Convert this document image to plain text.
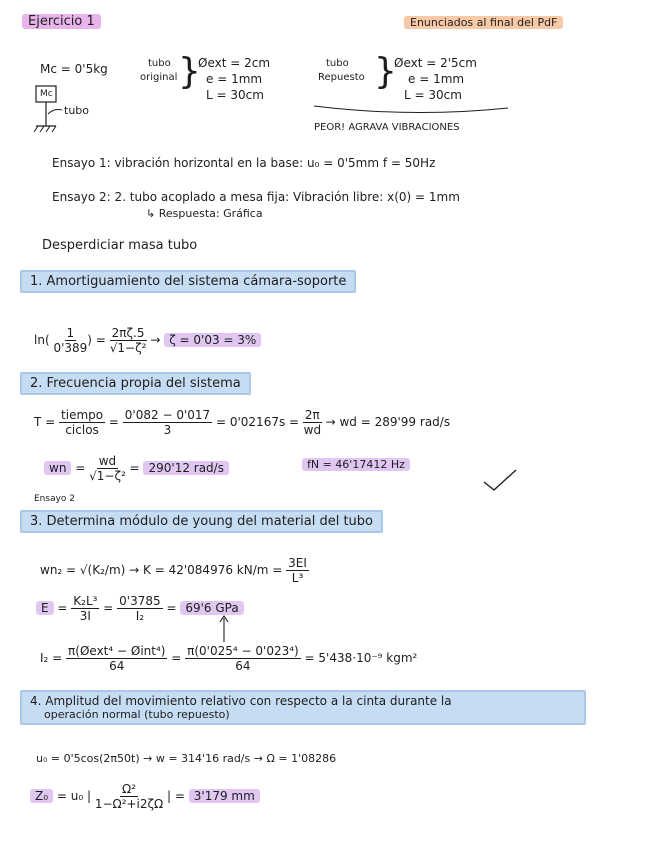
Ejercicio 1	Enunciados al final del PdF
Mc = 0'5kg
Mc
tubo
tubo
original }
Øext = 2cm
e = 1mm
L = 30cm
tubo
Repuesto }
Øext = 2'5cm
e = 1mm
L = 30cm
PEOR! AGRAVA VIBRACIONES
Ensayo 1: vibración horizontal en la base: u₀ = 0'5mm f = 50Hz
Ensayo 2: 2. tubo acoplado a mesa fija: Vibración libre: x(0) = 1mm
↳ Respuesta: Gráfica
Desperdiciar masa tubo
1. Amortiguamiento del sistema cámara-soporte
$\ln( \frac{1}{0'389}$ ) = $\frac{2\pi\zeta.5}{\text{√1−ζ²}} \to \zeta = 0'03 = 3\%$
2. Frecuencia propia del sistema
$T = \frac{\text{tiempo}}{\text{ciclos}} = \frac{0'082 - 0'017}{3} = 0'02167s = \frac{2\pi}{wd}$ → wd = 289'99 rad/s
wn = $\frac{wd}{\text{√1−ζ²}} = 290'12$ rad/s	fN = 46'17412 Hz
Ensayo 2
3. Determina módulo de young del material del tubo
wn₂ = √(K₂/m) → K = 42'084976 $kN/m = \frac{3EI}{\text{L³}}$
$E = \frac{\text{K₂L³}}{3I} = \frac{0'3785}{\text{I₂}} = 69'6$ GPa
$I_2 = \frac{\text{π(Øext⁴ − Øint⁴)}}{64} = \frac{\text{π(0'025⁴ − 0'023⁴)}}{64} = 5'438\cdot 10^{-9}$ kgm²
4. Amplitud del movimiento relativo con respecto a la cinta durante la
operación normal (tubo repuesto)
u₀ = 0'5cos(2π50t) → w = 314'16 rad/s → Ω = 1'08286
Z₀ = u₀ | $\frac{\text{Ω²}}{\text{1−Ω²+i2ζΩ}}$ | = 3'179 mm
